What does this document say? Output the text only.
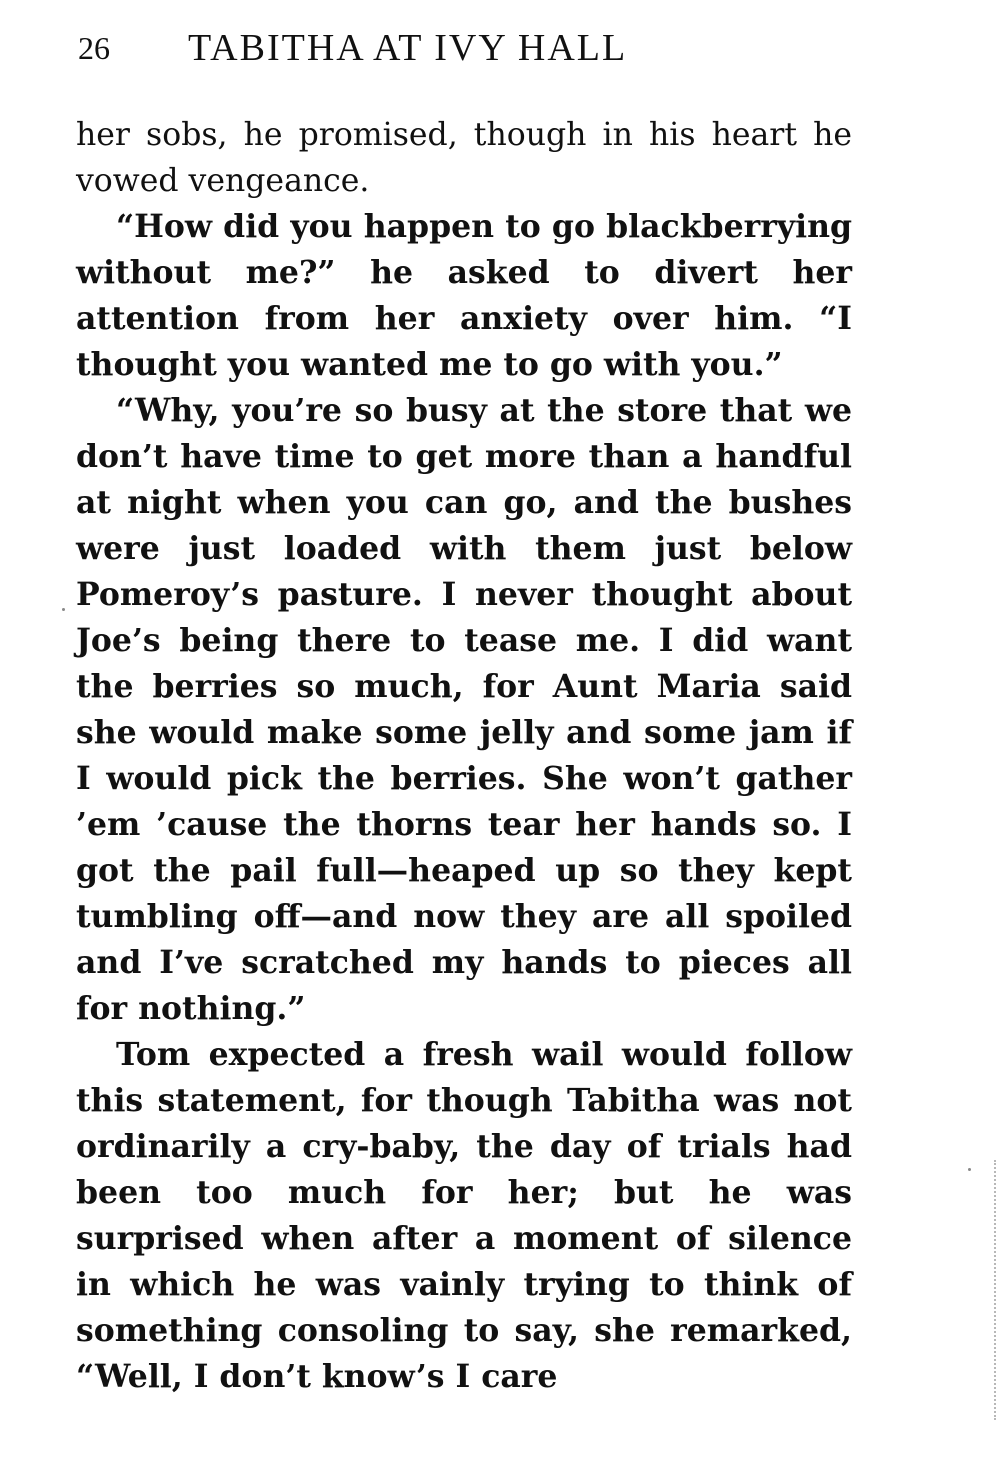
26 TABITHA AT IVY HALL

her sobs, he promised, though in his heart he vowed vengeance.

“How did you happen to go blackberrying without me?” he asked to divert her attention from her anxiety over him. “I thought you wanted me to go with you.”

“Why, you’re so busy at the store that we don’t have time to get more than a handful at night when you can go, and the bushes were just loaded with them just below Pomeroy’s pasture. I never thought about Joe’s being there to tease me. I did want the berries so much, for Aunt Maria said she would make some jelly and some jam if I would pick the berries. She won’t gather ’em ’cause the thorns tear her hands so. I got the pail full—heaped up so they kept tumbling off—and now they are all spoiled and I’ve scratched my hands to pieces all for nothing.”

Tom expected a fresh wail would follow this statement, for though Tabitha was not ordinarily a cry-baby, the day of trials had been too much for her; but he was surprised when after a moment of silence in which he was vainly trying to think of something consoling to say, she remarked, “Well, I don’t know’s I care
